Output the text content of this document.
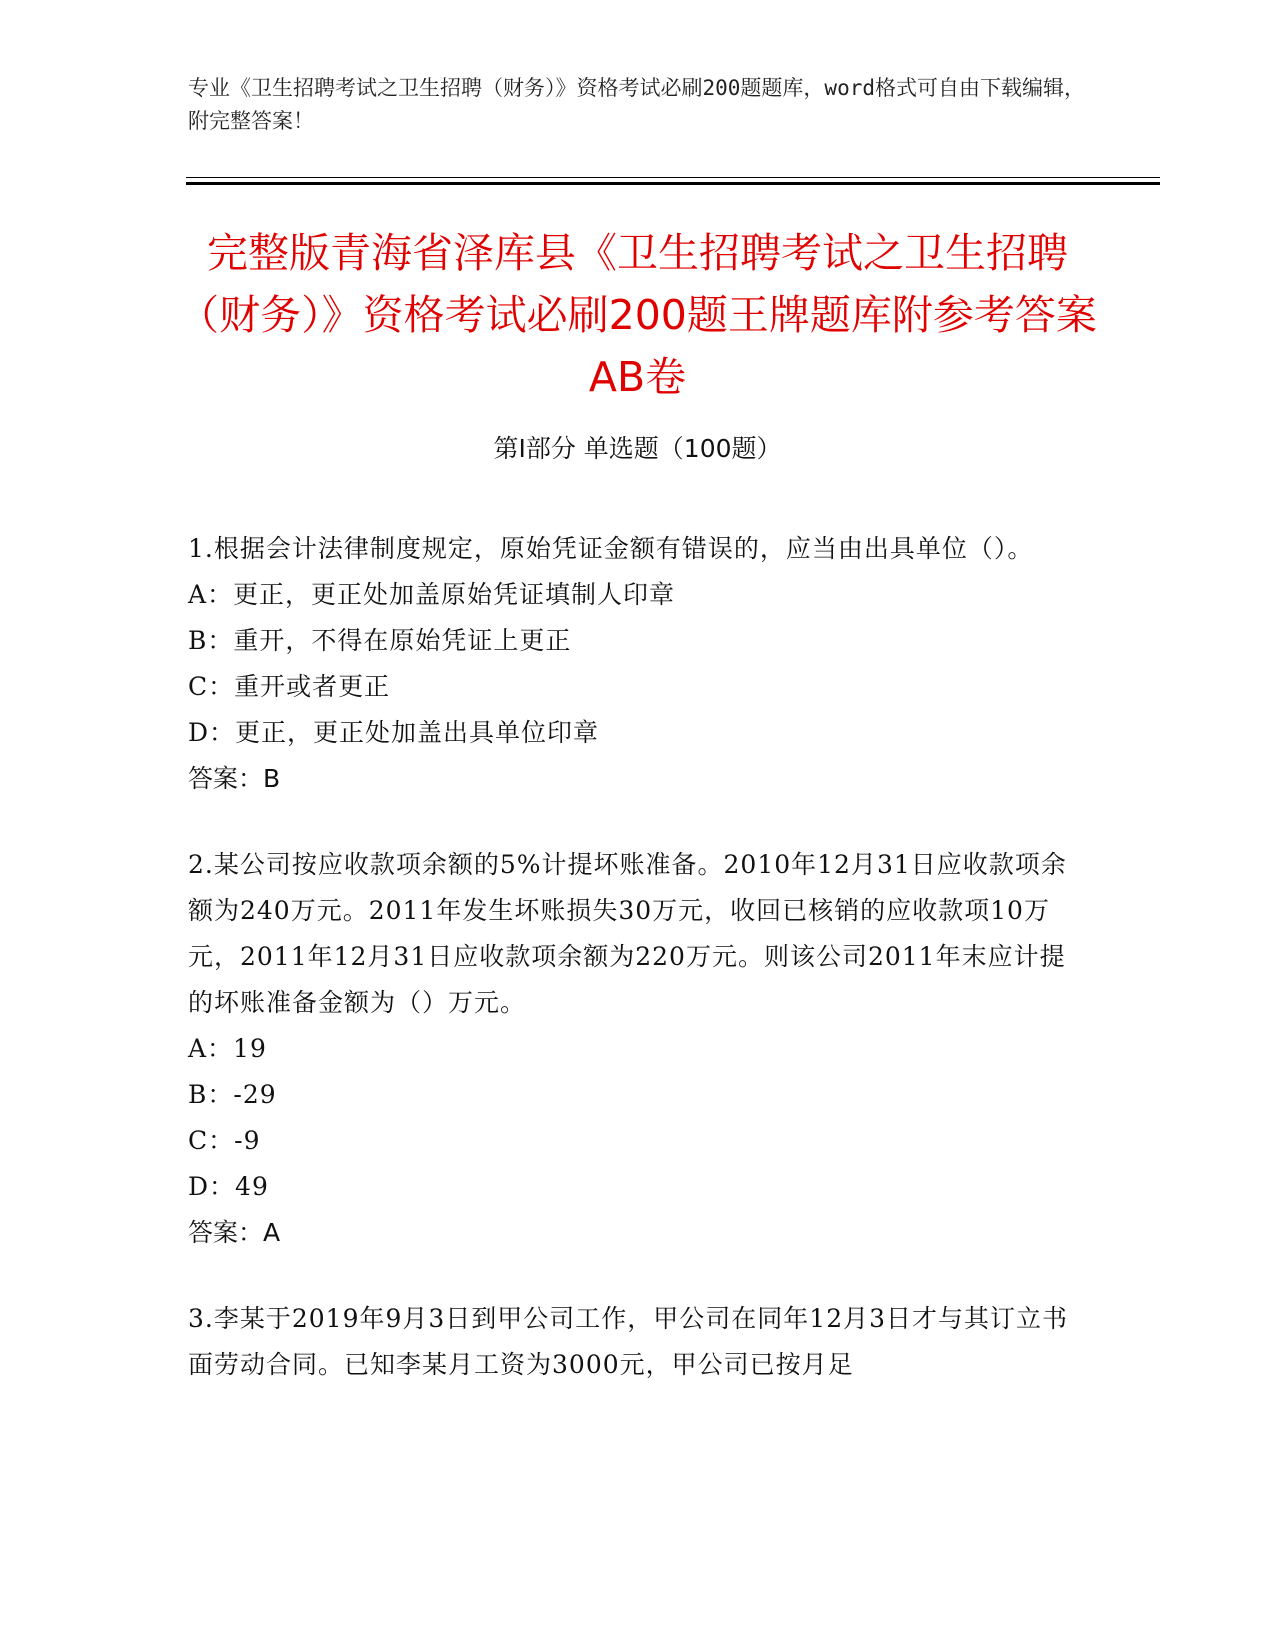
专业《卫生招聘考试之卫生招聘（财务）》资格考试必刷200题题库，word格式可自由下载编辑，附完整答案！
完整版青海省泽库县《卫生招聘考试之卫生招聘（财务）》资格考试必刷200题王牌题库附参考答案AB卷
第Ⅰ部分 单选题（100题）

1.根据会计法律制度规定，原始凭证金额有错误的，应当由出具单位（）。

A：更正，更正处加盖原始凭证填制人印章

B：重开，不得在原始凭证上更正

C：重开或者更正

D：更正，更正处加盖出具单位印章

答案：B

2.某公司按应收款项余额的5%计提坏账准备。2010年12月31日应收款项余额为240万元。2011年发生坏账损失30万元，收回已核销的应收款项10万元，2011年12月31日应收款项余额为220万元。则该公司2011年末应计提的坏账准备金额为（）万元。

A：19

B：-29

C：-9

D：49

答案：A

3.李某于2019年9月3日到甲公司工作，甲公司在同年12月3日才与其订立书面劳动合同。已知李某月工资为3000元，甲公司已按月足
